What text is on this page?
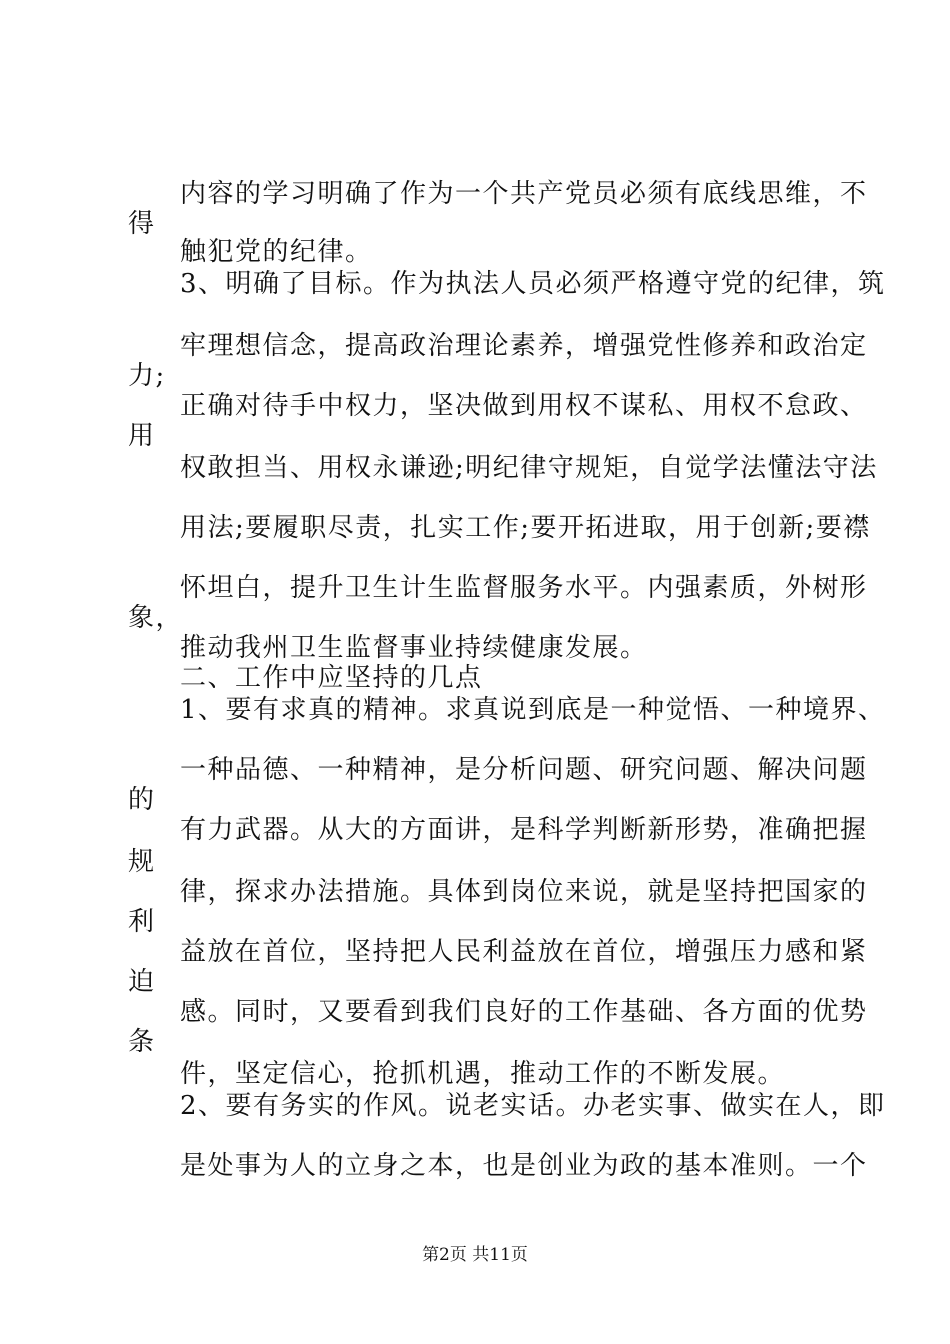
内容的学习明确了作为一个共产党员必须有底线思维，不
得
触犯党的纪律。
3、明确了目标。作为执法人员必须严格遵守党的纪律，筑
牢理想信念，提高政治理论素养，增强党性修养和政治定
力;
正确对待手中权力，坚决做到用权不谋私、用权不怠政、
用
权敢担当、用权永谦逊;明纪律守规矩，自觉学法懂法守法
用法;要履职尽责，扎实工作;要开拓进取，用于创新;要襟
怀坦白，提升卫生计生监督服务水平。内强素质，外树形
象，
推动我州卫生监督事业持续健康发展。
二、工作中应坚持的几点
1、要有求真的精神。求真说到底是一种觉悟、一种境界、
一种品德、一种精神，是分析问题、研究问题、解决问题
的
有力武器。从大的方面讲，是科学判断新形势，准确把握
规
律，探求办法措施。具体到岗位来说，就是坚持把国家的
利
益放在首位，坚持把人民利益放在首位，增强压力感和紧
迫
感。同时，又要看到我们良好的工作基础、各方面的优势
条
件，坚定信心，抢抓机遇，推动工作的不断发展。
2、要有务实的作风。说老实话。办老实事、做实在人，即
是处事为人的立身之本，也是创业为政的基本准则。一个
第2页 共11页
